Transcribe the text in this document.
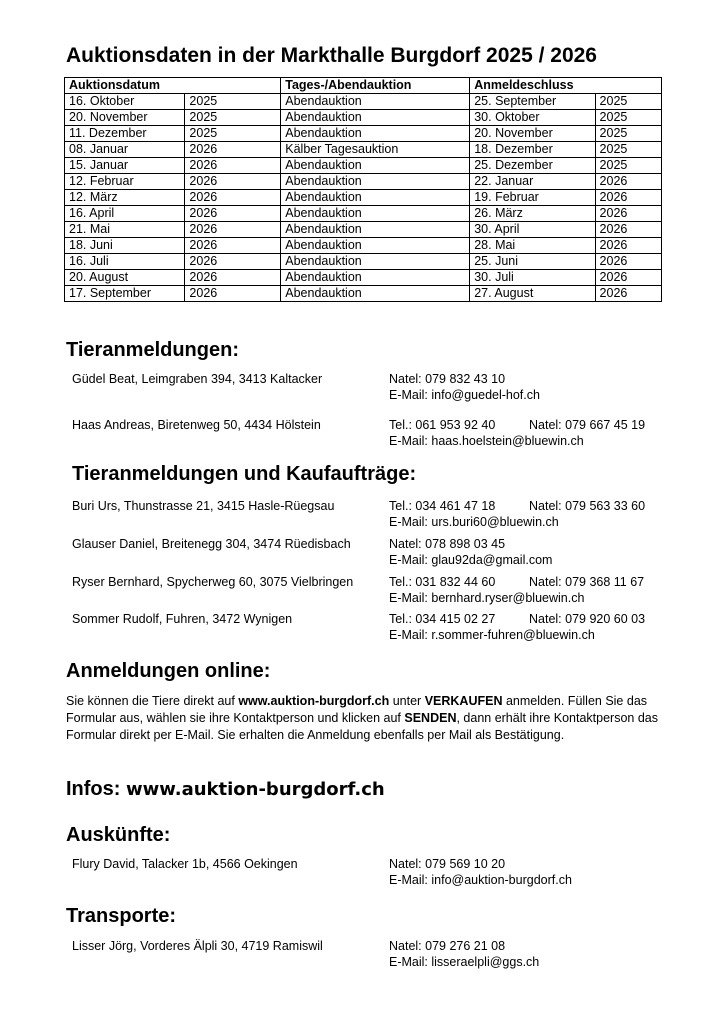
Auktionsdaten in der Markthalle Burgdorf 2025 / 2026
Auktionsdatum		Tages-/Abendauktion	Anmeldeschluss	
16. Oktober	2025	Abendauktion	25. September	2025
20. November	2025	Abendauktion	30. Oktober	2025
11. Dezember	2025	Abendauktion	20. November	2025
08. Januar	2026	Kälber Tagesauktion	18. Dezember	2025
15. Januar	2026	Abendauktion	25. Dezember	2025
12. Februar	2026	Abendauktion	22. Januar	2026
12. März	2026	Abendauktion	19. Februar	2026
16. April	2026	Abendauktion	26. März	2026
21. Mai	2026	Abendauktion	30. April	2026
18. Juni	2026	Abendauktion	28. Mai	2026
16. Juli	2026	Abendauktion	25. Juni	2026
20. August	2026	Abendauktion	30. Juli	2026
17. September	2026	Abendauktion	27. August	2026
Tieranmeldungen:
Güdel Beat, Leimgraben 394, 3413 Kaltacker	Natel: 079 832 43 10
E-Mail: info@guedel-hof.ch
Haas Andreas, Biretenweg 50, 4434 Hölstein	Tel.: 061 953 92 40	Natel: 079 667 45 19
E-Mail: haas.hoelstein@bluewin.ch
Tieranmeldungen und Kaufaufträge:
Buri Urs, Thunstrasse 21, 3415 Hasle-Rüegsau	Tel.: 034 461 47 18	Natel: 079 563 33 60
E-Mail: urs.buri60@bluewin.ch
Glauser Daniel, Breitenegg 304, 3474 Rüedisbach	Natel: 078 898 03 45
E-Mail: glau92da@gmail.com
Ryser Bernhard, Spycherweg 60, 3075 Vielbringen	Tel.: 031 832 44 60	Natel: 079 368 11 67
E-Mail: bernhard.ryser@bluewin.ch
Sommer Rudolf, Fuhren, 3472 Wynigen	Tel.: 034 415 02 27	Natel: 079 920 60 03
E-Mail: r.sommer-fuhren@bluewin.ch
Anmeldungen online:

Sie können die Tiere direkt auf www.auktion-burgdorf.ch unter VERKAUFEN anmelden. Füllen Sie das Formular aus, wählen sie ihre Kontaktperson und klicken auf SENDEN, dann erhält ihre Kontaktperson das Formular direkt per E-Mail. Sie erhalten die Anmeldung ebenfalls per Mail als Bestätigung.

Infos: www.auktion-burgdorf.ch
Auskünfte:
Flury David, Talacker 1b, 4566 Oekingen	Natel: 079 569 10 20
E-Mail: info@auktion-burgdorf.ch
Transporte:
Lisser Jörg, Vorderes Älpli 30, 4719 Ramiswil	Natel: 079 276 21 08
E-Mail: lisseraelpli@ggs.ch
